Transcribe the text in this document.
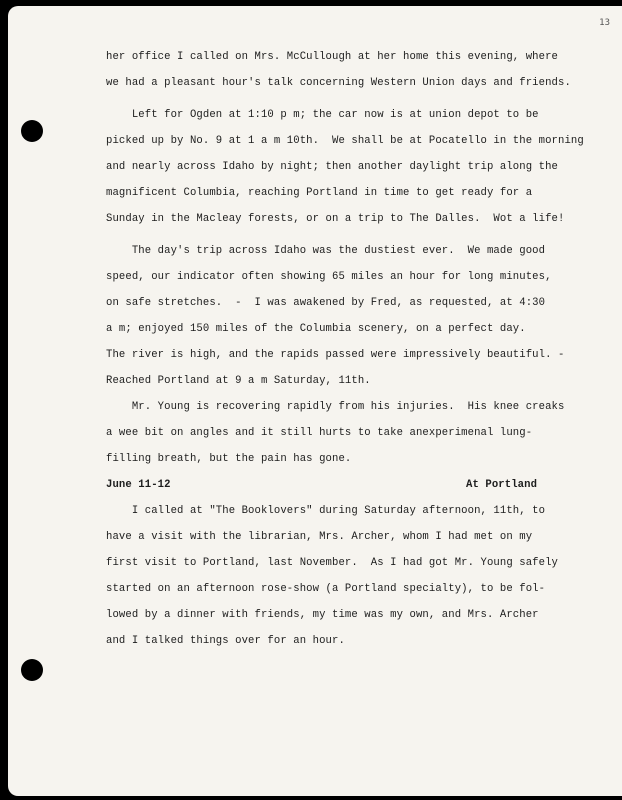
13
her office I called on Mrs. McCullough at her home this evening, where
we had a pleasant hour's talk concerning Western Union days and friends.
Left for Ogden at 1:10 p m; the car now is at union depot to be
picked up by No. 9 at 1 a m 10th.  We shall be at Pocatello in the morning
and nearly across Idaho by night; then another daylight trip along the
magnificent Columbia, reaching Portland in time to get ready for a
Sunday in the Macleay forests, or on a trip to The Dalles.  Wot a life!
The day's trip across Idaho was the dustiest ever.  We made good
speed, our indicator often showing 65 miles an hour for long minutes,
on safe stretches.  -  I was awakened by Fred, as requested, at 4:30
a m; enjoyed 150 miles of the Columbia scenery, on a perfect day.
The river is high, and the rapids passed were impressively beautiful. -
Reached Portland at 9 a m Saturday, 11th.
Mr. Young is recovering rapidly from his injuries.  His knee creaks
a wee bit on angles and it still hurts to take anexperimenal lung-
filling breath, but the pain has gone.
June 11-12	At Portland
I called at "The Booklovers" during Saturday afternoon, 11th, to
have a visit with the librarian, Mrs. Archer, whom I had met on my
first visit to Portland, last November.  As I had got Mr. Young safely
started on an afternoon rose-show (a Portland specialty), to be fol-
lowed by a dinner with friends, my time was my own, and Mrs. Archer
and I talked things over for an hour.
